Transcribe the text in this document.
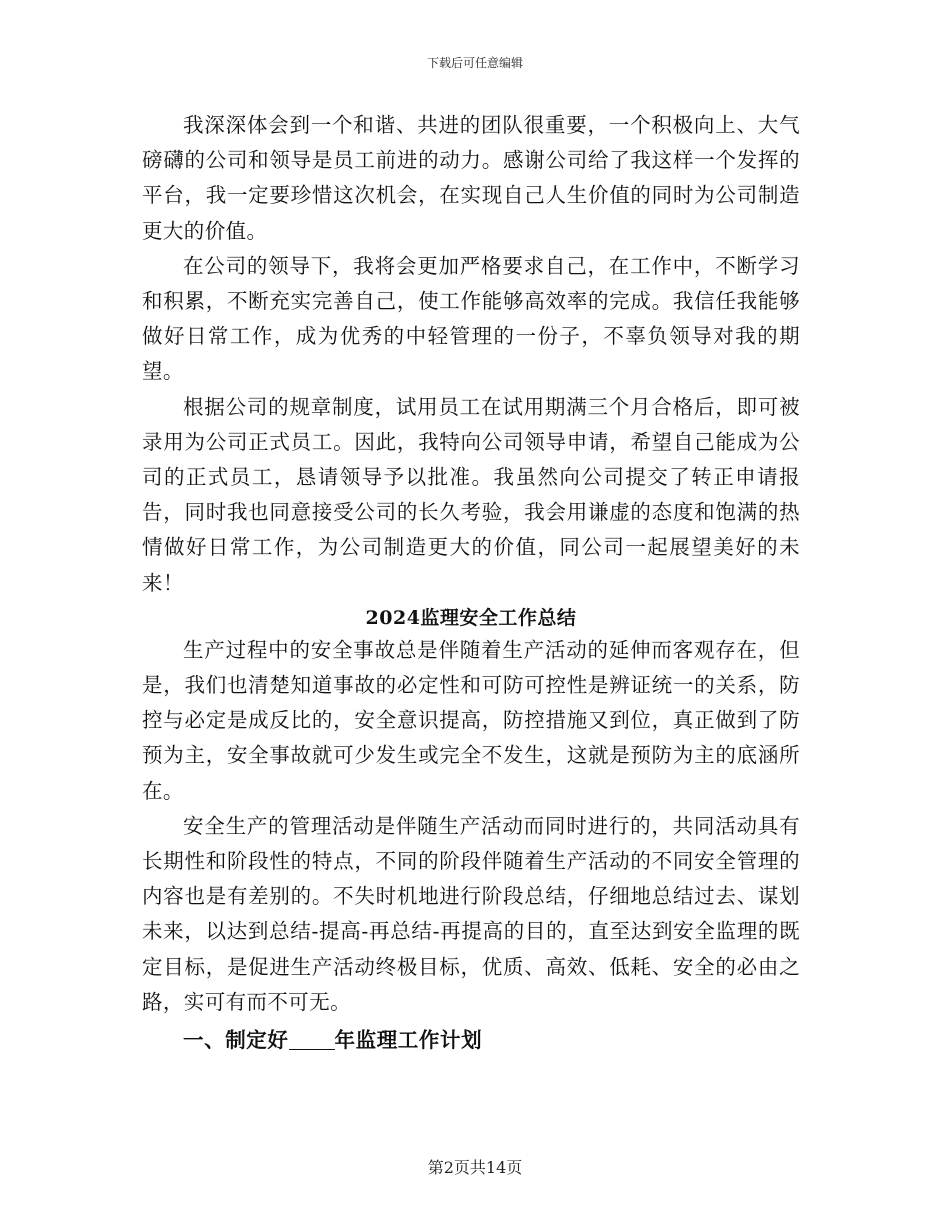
下载后可任意编辑

我深深体会到一个和谐、共进的团队很重要，一个积极向上、大气磅礴的公司和领导是员工前进的动力。感谢公司给了我这样一个发挥的平台，我一定要珍惜这次机会，在实现自己人生价值的同时为公司制造更大的价值。

在公司的领导下，我将会更加严格要求自己，在工作中，不断学习和积累，不断充实完善自己，使工作能够高效率的完成。我信任我能够做好日常工作，成为优秀的中轻管理的一份子，不辜负领导对我的期望。

根据公司的规章制度，试用员工在试用期满三个月合格后，即可被录用为公司正式员工。因此，我特向公司领导申请，希望自己能成为公司的正式员工，恳请领导予以批准。我虽然向公司提交了转正申请报告，同时我也同意接受公司的长久考验，我会用谦虚的态度和饱满的热情做好日常工作，为公司制造更大的价值，同公司一起展望美好的未来！

2024监理安全工作总结

生产过程中的安全事故总是伴随着生产活动的延伸而客观存在，但是，我们也清楚知道事故的必定性和可防可控性是辨证统一的关系，防控与必定是成反比的，安全意识提高，防控措施又到位，真正做到了防预为主，安全事故就可少发生或完全不发生，这就是预防为主的底涵所在。

安全生产的管理活动是伴随生产活动而同时进行的，共同活动具有长期性和阶段性的特点，不同的阶段伴随着生产活动的不同安全管理的内容也是有差别的。不失时机地进行阶段总结，仔细地总结过去、谋划未来，以达到总结-提高-再总结-再提高的目的，直至达到安全监理的既定目标，是促进生产活动终极目标，优质、高效、低耗、安全的必由之路，实可有而不可无。

一、制定好 年监理工作计划
第2页共14页
